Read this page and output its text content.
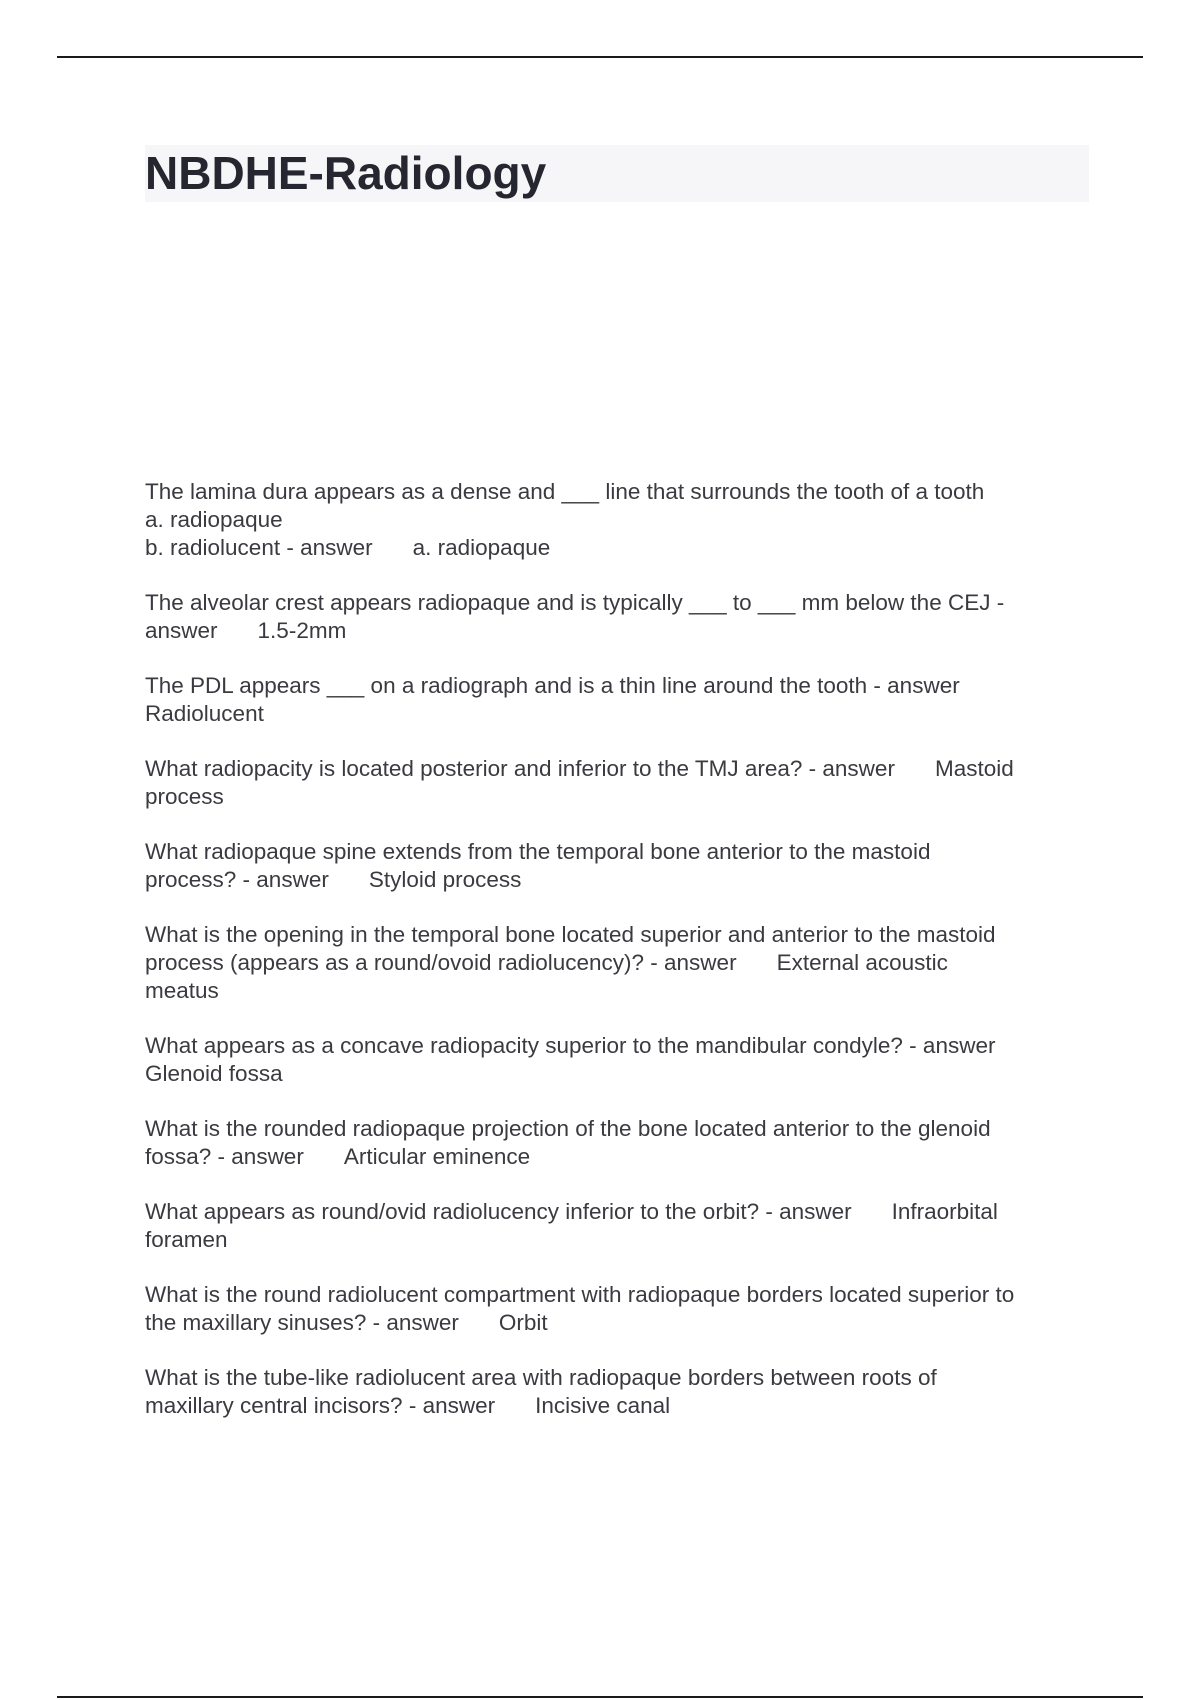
NBDHE-Radiology
The lamina dura appears as a dense and ___ line that surrounds the tooth of a tooth
a. radiopaque
b. radiolucent - answer a. radiopaque
The alveolar crest appears radiopaque and is typically ___ to ___ mm below the CEJ -
answer 1.5-2mm
The PDL appears ___ on a radiograph and is a thin line around the tooth - answer
Radiolucent
What radiopacity is located posterior and inferior to the TMJ area? - answer Mastoid
process
What radiopaque spine extends from the temporal bone anterior to the mastoid
process? - answer Styloid process
What is the opening in the temporal bone located superior and anterior to the mastoid
process (appears as a round/ovoid radiolucency)? - answer External acoustic
meatus
What appears as a concave radiopacity superior to the mandibular condyle? - answer
Glenoid fossa
What is the rounded radiopaque projection of the bone located anterior to the glenoid
fossa? - answer Articular eminence
What appears as round/ovid radiolucency inferior to the orbit? - answer Infraorbital
foramen
What is the round radiolucent compartment with radiopaque borders located superior to
the maxillary sinuses? - answer Orbit
What is the tube-like radiolucent area with radiopaque borders between roots of
maxillary central incisors? - answer Incisive canal
